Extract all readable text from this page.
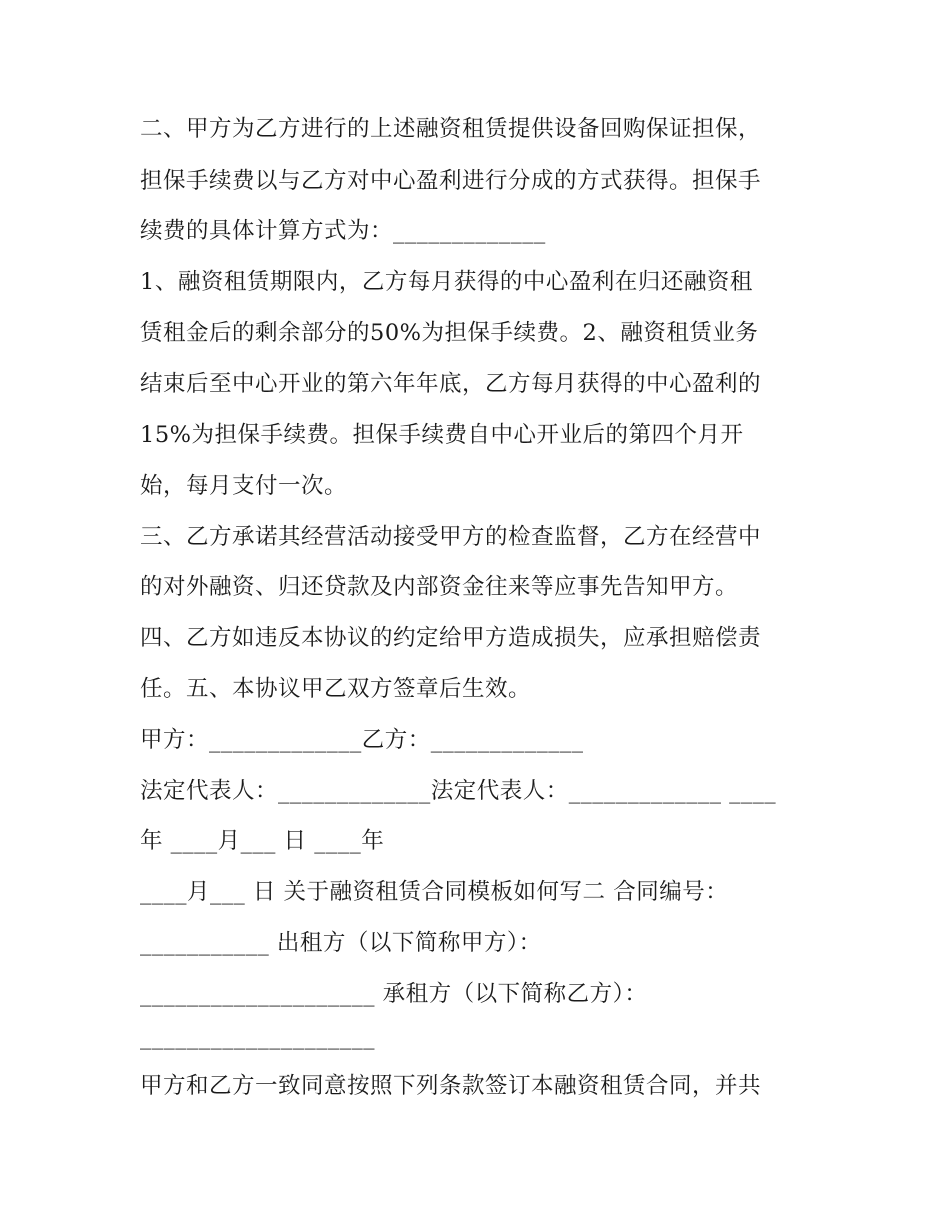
二、甲方为乙方进行的上述融资租赁提供设备回购保证担保，
担保手续费以与乙方对中心盈利进行分成的方式获得。担保手
续费的具体计算方式为：_____________
1、融资租赁期限内，乙方每月获得的中心盈利在归还融资租
赁租金后的剩余部分的50%为担保手续费。2、融资租赁业务
结束后至中心开业的第六年年底，乙方每月获得的中心盈利的
15%为担保手续费。担保手续费自中心开业后的第四个月开
始，每月支付一次。
三、乙方承诺其经营活动接受甲方的检查监督，乙方在经营中
的对外融资、归还贷款及内部资金往来等应事先告知甲方。
四、乙方如违反本协议的约定给甲方造成损失，应承担赔偿责
任。五、本协议甲乙双方签章后生效。
甲方：_____________乙方：_____________
法定代表人：_____________法定代表人：_____________ ____
年 ____月___ 日 ____年
____月___ 日 关于融资租赁合同模板如何写二 合同编号：
___________ 出租方（以下简称甲方）：
____________________ 承租方（以下简称乙方）：
____________________
甲方和乙方一致同意按照下列条款签订本融资租赁合同，并共
